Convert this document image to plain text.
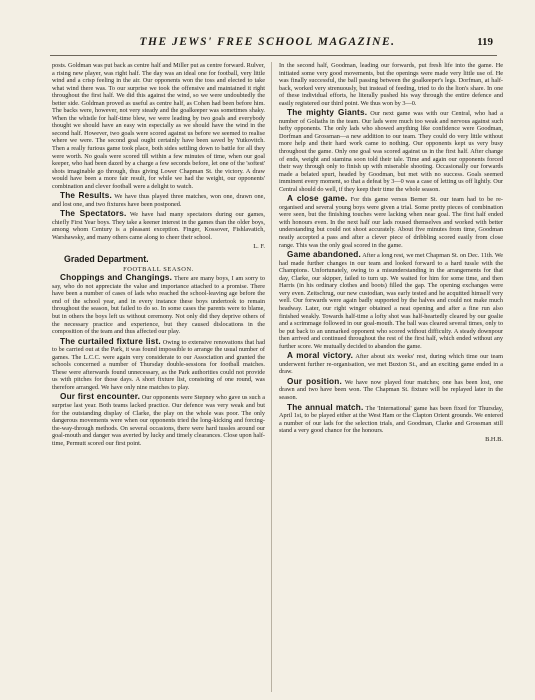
THE JEWS' FREE SCHOOL MAGAZINE.	119

posts. Goldman was put back as centre half and Miller put as centre forward. Rulver, a rising new player, was right half. The day was an ideal one for football, very little wind and a crisp feeling in the air. Our opponents won the toss and elected to take what wind there was. To our surprise we took the offensive and maintained it right throughout the first half. We did this against the wind, so we were undoubtedly the better side. Goldman proved as useful as centre half, as Cohen had been before him. The backs were, however, not very steady and the goalkeeper was sometimes shaky. When the whistle for half-time blew, we were leading by two goals and everybody thought we should have an easy win especially as we should have the wind in the second half. However, two goals were scored against us before we seemed to realise where we were. The second goal ought certainly have been saved by Yutkovitch. Then a really furious game took place, both sides settling down to battle for all they were worth. No goals were scored till within a few minutes of time, when our goal keeper, who had been dazed by a charge a few seconds before, let one of the 'softest' shots imaginable go through, thus giving Lower Chapman St. the victory. A draw would have been a more fair result, for while we had the weight, our opponents' combination and clever football were a delight to watch.

The Results. We have thus played three matches, won one, drawn one, and lost one, and two fixtures have been postponed.

The Spectators. We have had many spectators during our games, chiefly First Year boys. They take a keener interest in the games than the older boys, among whom Century is a pleasant exception. Finger, Kossover, Fishlavatich, Warshawsky, and many others came along to cheer their school.

L. F.
Graded Department.
FOOTBALL SEASON.

Choppings and Changings. There are many boys, I am sorry to say, who do not appreciate the value and importance attached to a promise. There have been a number of cases of lads who reached the school-leaving age before the end of the school year, and in every instance these boys undertook to remain throughout the season, but failed to do so. In some cases the parents were to blame, but in others the boys left us without ceremony. Not only did they deprive others of the necessary practice and experience, but they caused dislocations in the composition of the team and thus affected our play.

The curtailed fixture list. Owing to extensive renovations that had to be carried out at the Park, it was found impossible to arrange the usual number of games. The L.C.C. were again very considerate to our Association and granted the schools concerned a number of Thursday double-sessions for football matches. These were afterwards found unnecessary, as the Park authorities could not provide us with pitches for those days. A short fixture list, consisting of one round, was therefore arranged. We have only nine matches to play.

Our first encounter. Our opponents were Stepney who gave us such a surprise last year. Both teams lacked practice. Our defence was very weak and but for the outstanding display of Clarke, the play on the whole was poor. The only dangerous movements were when our opponents tried the long-kicking and forcing-the-way-through methods. On several occasions, there were hard tussles around our goal-mouth and danger was averted by lucky and timely clearances. Close upon half-time, Permutt scored our first point.

In the second half, Goodman, leading our forwards, put fresh life into the game. He initiated some very good movements, but the openings were made very little use of. He was finally successful, the ball passing between the goalkeeper's legs. Dorfman, at half-back, worked very strenuously, but instead of feeding, tried to do the lion's share. In one of these individual efforts, he literally pushed his way through the entire defence and easily registered our third point. We thus won by 3—0.

The mighty Giants. Our next game was with our Central, who had a number of Goliaths in the team. Our lads were much too weak and nervous against such hefty opponents. The only lads who showed anything like confidence were Goodman, Dorfman and Grossman—a new addition to our team. They could do very little without more help and their hard work came to nothing. Our opponents kept us very busy throughout the game. Only one goal was scored against us in the first half. After change of ends, weight and stamina soon told their tale. Time and again our opponents forced their way through only to finish up with miserable shooting. Occasionally our forwards made a belated spurt, headed by Goodman, but met with no success. Goals seemed imminent every moment, so that a defeat by 3—0 was a case of letting us off lightly. Our Central should do well, if they keep their time the whole season.

A close game. For this game versus Berner St. our team had to be re-organised and several young boys were given a trial. Some pretty pieces of combination were seen, but the finishing touches were lacking when near goal. The first half ended with honours even. In the next half our lads roused themselves and worked with better understanding but could not shoot accurately. About five minutes from time, Goodman neatly accepted a pass and after a clever piece of dribbling scored easily from close range. This was the only goal scored in the game.

Game abandoned. After a long rest, we met Chapman St. on Dec. 11th. We had made further changes in our team and looked forward to a hard tussle with the Champions. Unfortunately, owing to a misunderstanding in the arrangements for that day, Clarke, our skipper, failed to turn up. We waited for him for some time, and then Harris (in his ordinary clothes and boots) filled the gap. The opening exchanges were very even. Zeitschrug, our new custodian, was early tested and he acquitted himself very well. Our forwards were again badly supported by the halves and could not make much headway. Later, our right winger obtained a neat opening and after a fine run also finished weakly. Towards half-time a lofty shot was half-heartedly cleared by our goalie and a scrimmage followed in our goal-mouth. The ball was cleared several times, only to be put back to an unmarked opponent who scored without difficulty. A steady downpour then arrived and continued throughout the rest of the first half, which ended without any further score. We mutually decided to abandon the game.

A moral victory. After about six weeks' rest, during which time our team underwent further re-organisation, we met Buxton St., and an exciting game ended in a draw.

Our position. We have now played four matches; one has been lost, one drawn and two have been won. The Chapman St. fixture will be replayed later in the season.

The annual match. The 'International' game has been fixed for Thursday, April 1st, to be played either at the West Ham or the Clapton Orient grounds. We entered a number of our lads for the selection trials, and Goodman, Clarke and Grossman still stand a very good chance for the honours.

B.H.B.
